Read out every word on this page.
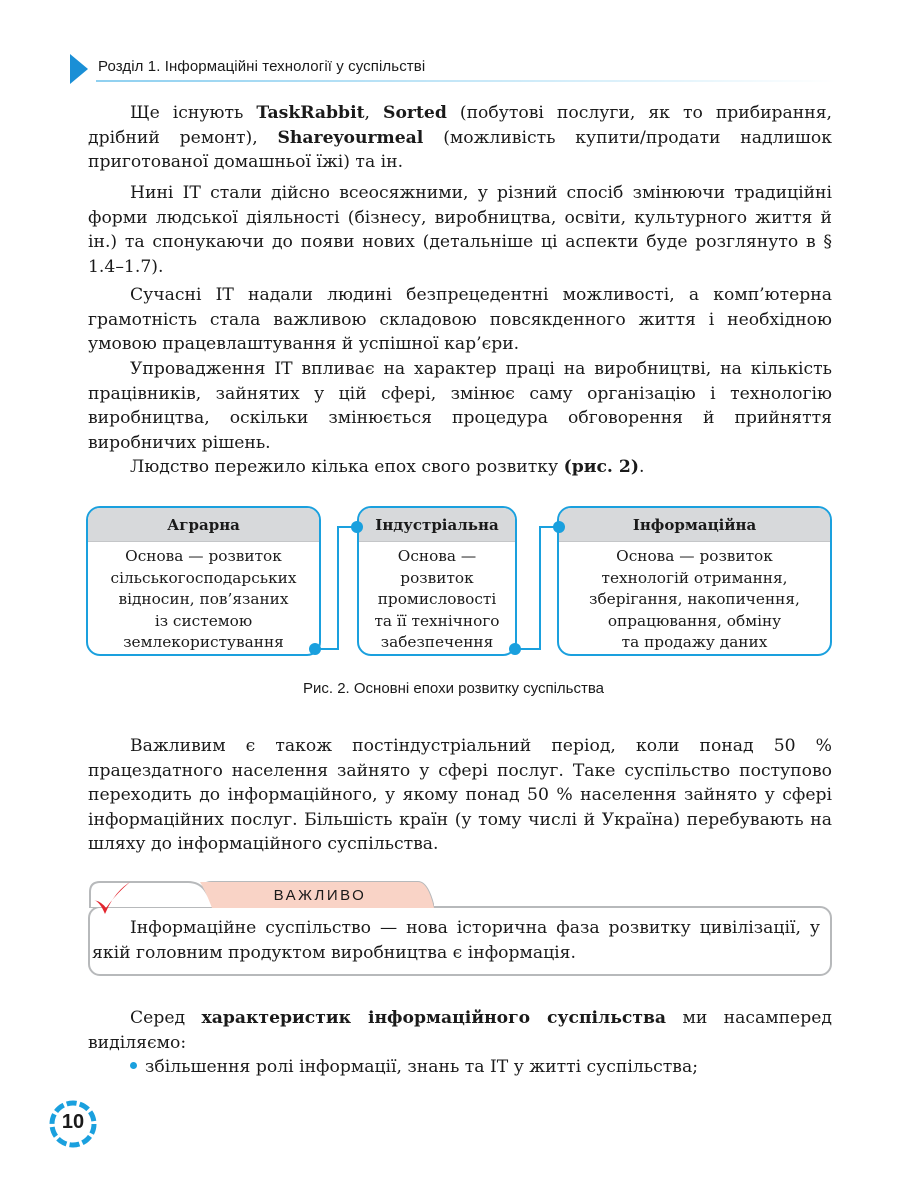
Розділ 1. Інформаційні технології у суспільстві
Ще існують TaskRabbit, Sorted (побутові послуги, як то прибирання, дрібний ремонт), Shareyourmeal (можливість купити/продати надлишок приготованої домашньої їжі) та ін.
Нині ІТ стали дійсно всеосяжними, у різний спосіб змінюючи традиційні форми людської діяльності (бізнесу, виробництва, освіти, культурного життя й ін.) та спонукаючи до появи нових (детальніше ці аспекти буде розглянуто в § 1.4–1.7).
Сучасні ІТ надали людині безпрецедентні можливості, а комп’ютерна грамотність стала важливою складовою повсякденного життя і необхідною умовою працевлаштування й успішної кар’єри.
Упровадження ІТ впливає на характер праці на виробництві, на кількість працівників, зайнятих у цій сфері, змінює саму організацію і технологію виробництва, оскільки змінюється процедура обговорення й прийняття виробничих рішень.
Людство пережило кілька епох свого розвитку (рис. 2).
Аграрна
Основа — розвиток
сільськогосподарських
відносин, пов’язаних
із системою
землекористування
Індустріальна
Основа —
розвиток
промисловості
та її технічного
забезпечення
Інформаційна
Основа — розвиток
технологій отримання,
зберігання, накопичення,
опрацювання, обміну
та продажу даних
Рис. 2. Основні епохи розвитку суспільства
Важливим є також постіндустріальний період, коли понад 50 % працездатного населення зайнято у сфері послуг. Таке суспільство поступово переходить до інформаційного, у якому понад 50 % населення зайнято у сфері інформаційних послуг. Більшість країн (у тому числі й Україна) перебувають на шляху до інформаційного суспільства.
ВАЖЛИВО
Інформаційне суспільство — нова історична фаза розвитку цивілізації, у якій головним продуктом виробництва є інформація.
Серед характеристик інформаційного суспільства ми насамперед виділяємо:
збільшення ролі інформації, знань та ІТ у житті суспільства;
10
